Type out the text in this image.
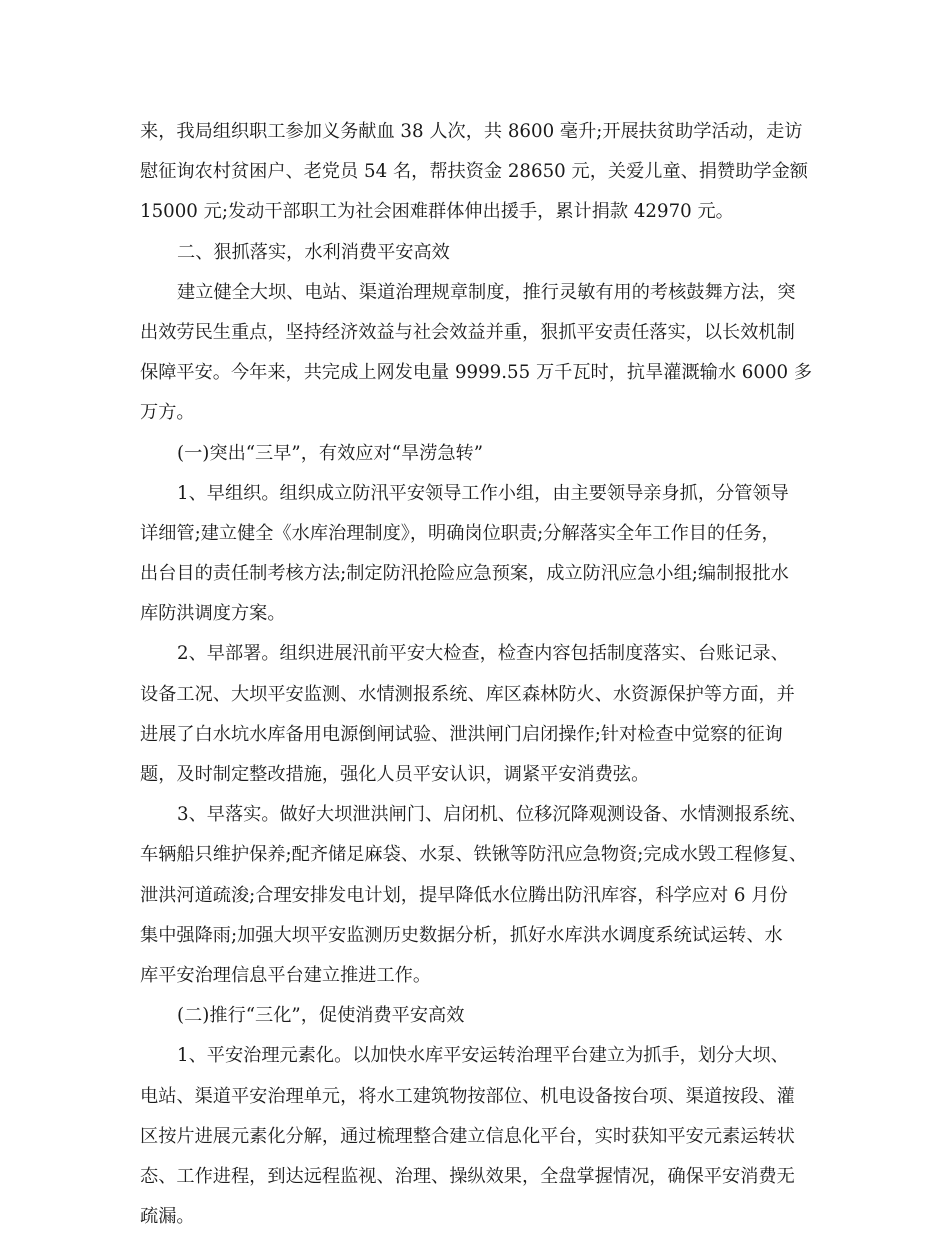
来，我局组织职工参加义务献血 38 人次，共 8600 毫升;开展扶贫助学活动，走访
慰征询农村贫困户、老党员 54 名，帮扶资金 28650 元，关爱儿童、捐赞助学金额
15000 元;发动干部职工为社会困难群体伸出援手，累计捐款 42970 元。
二、狠抓落实，水利消费平安高效
建立健全大坝、电站、渠道治理规章制度，推行灵敏有用的考核鼓舞方法，突
出效劳民生重点，坚持经济效益与社会效益并重，狠抓平安责任落实，以长效机制
保障平安。今年来，共完成上网发电量 9999.55 万千瓦时，抗旱灌溉输水 6000 多
万方。
(一)突出“三早”，有效应对“旱涝急转”
1、早组织。组织成立防汛平安领导工作小组，由主要领导亲身抓，分管领导
详细管;建立健全《水库治理制度》，明确岗位职责;分解落实全年工作目的任务，
出台目的责任制考核方法;制定防汛抢险应急预案，成立防汛应急小组;编制报批水
库防洪调度方案。
2、早部署。组织进展汛前平安大检查，检查内容包括制度落实、台账记录、
设备工况、大坝平安监测、水情测报系统、库区森林防火、水资源保护等方面，并
进展了白水坑水库备用电源倒闸试验、泄洪闸门启闭操作;针对检查中觉察的征询
题，及时制定整改措施，强化人员平安认识，调紧平安消费弦。
3、早落实。做好大坝泄洪闸门、启闭机、位移沉降观测设备、水情测报系统、
车辆船只维护保养;配齐储足麻袋、水泵、铁锹等防汛应急物资;完成水毁工程修复、
泄洪河道疏浚;合理安排发电计划，提早降低水位腾出防汛库容，科学应对 6 月份
集中强降雨;加强大坝平安监测历史数据分析，抓好水库洪水调度系统试运转、水
库平安治理信息平台建立推进工作。
(二)推行“三化”，促使消费平安高效
1、平安治理元素化。以加快水库平安运转治理平台建立为抓手，划分大坝、
电站、渠道平安治理单元，将水工建筑物按部位、机电设备按台项、渠道按段、灌
区按片进展元素化分解，通过梳理整合建立信息化平台，实时获知平安元素运转状
态、工作进程，到达远程监视、治理、操纵效果，全盘掌握情况，确保平安消费无
疏漏。
